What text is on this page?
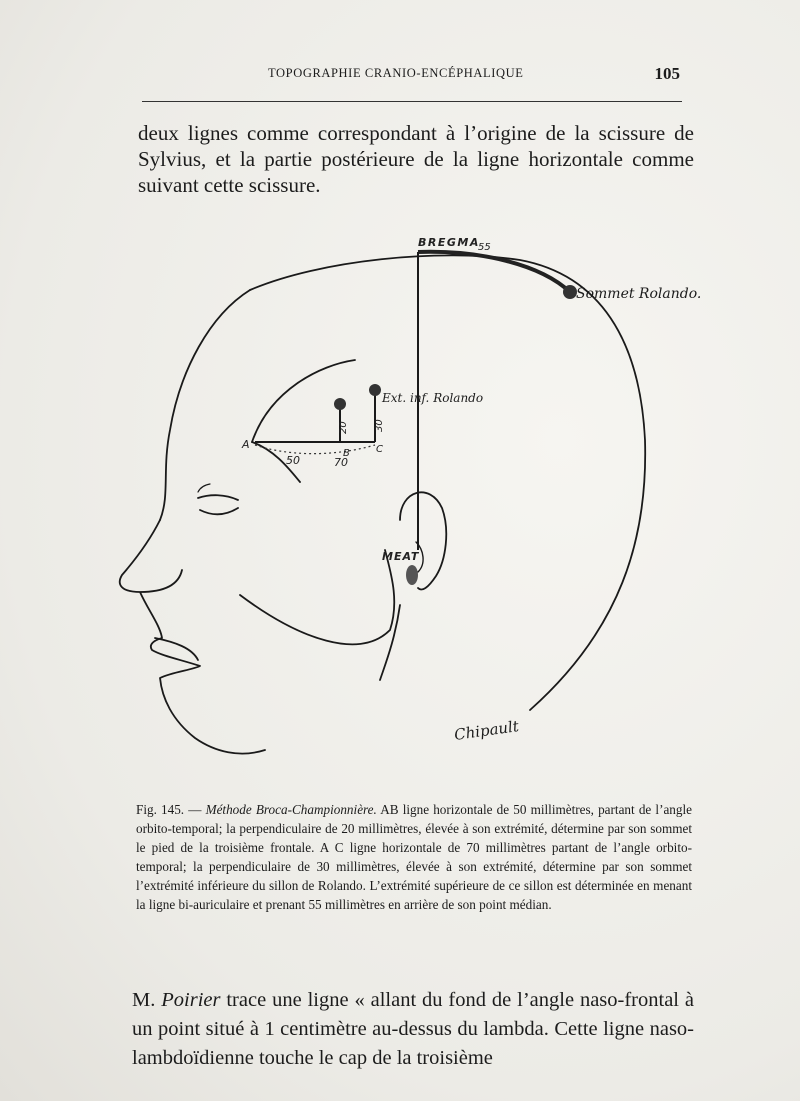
TOPOGRAPHIE CRANIO-ENCÉPHALIQUE	105

deux lignes comme correspondant à l’origine de la scissure de Sylvius, et la partie postérieure de la ligne horizontale comme suivant cette scissure.

BREGMA
55
Sommet Rolando.
Ext. inf. Rolando
A
B	C
50	70
20	30
MEAT
Chipault

Fig. 145. — Méthode Broca-Championnière. AB ligne horizontale de 50 millimètres, partant de l’angle orbito-temporal; la perpendiculaire de 20 millimètres, élevée à son extrémité, détermine par son sommet le pied de la troisième frontale. A C ligne horizontale de 70 millimètres partant de l’angle orbito-temporal; la perpendiculaire de 30 millimètres, élevée à son extrémité, détermine par son sommet l’extrémité inférieure du sillon de Rolando. L’extrémité supérieure de ce sillon est déterminée en menant la ligne bi-auriculaire et prenant 55 millimètres en arrière de son point médian.

M. Poirier trace une ligne « allant du fond de l’angle naso-frontal à un point situé à 1 centimètre au-dessus du lambda. Cette ligne naso-lambdoïdienne touche le cap de la troisième
